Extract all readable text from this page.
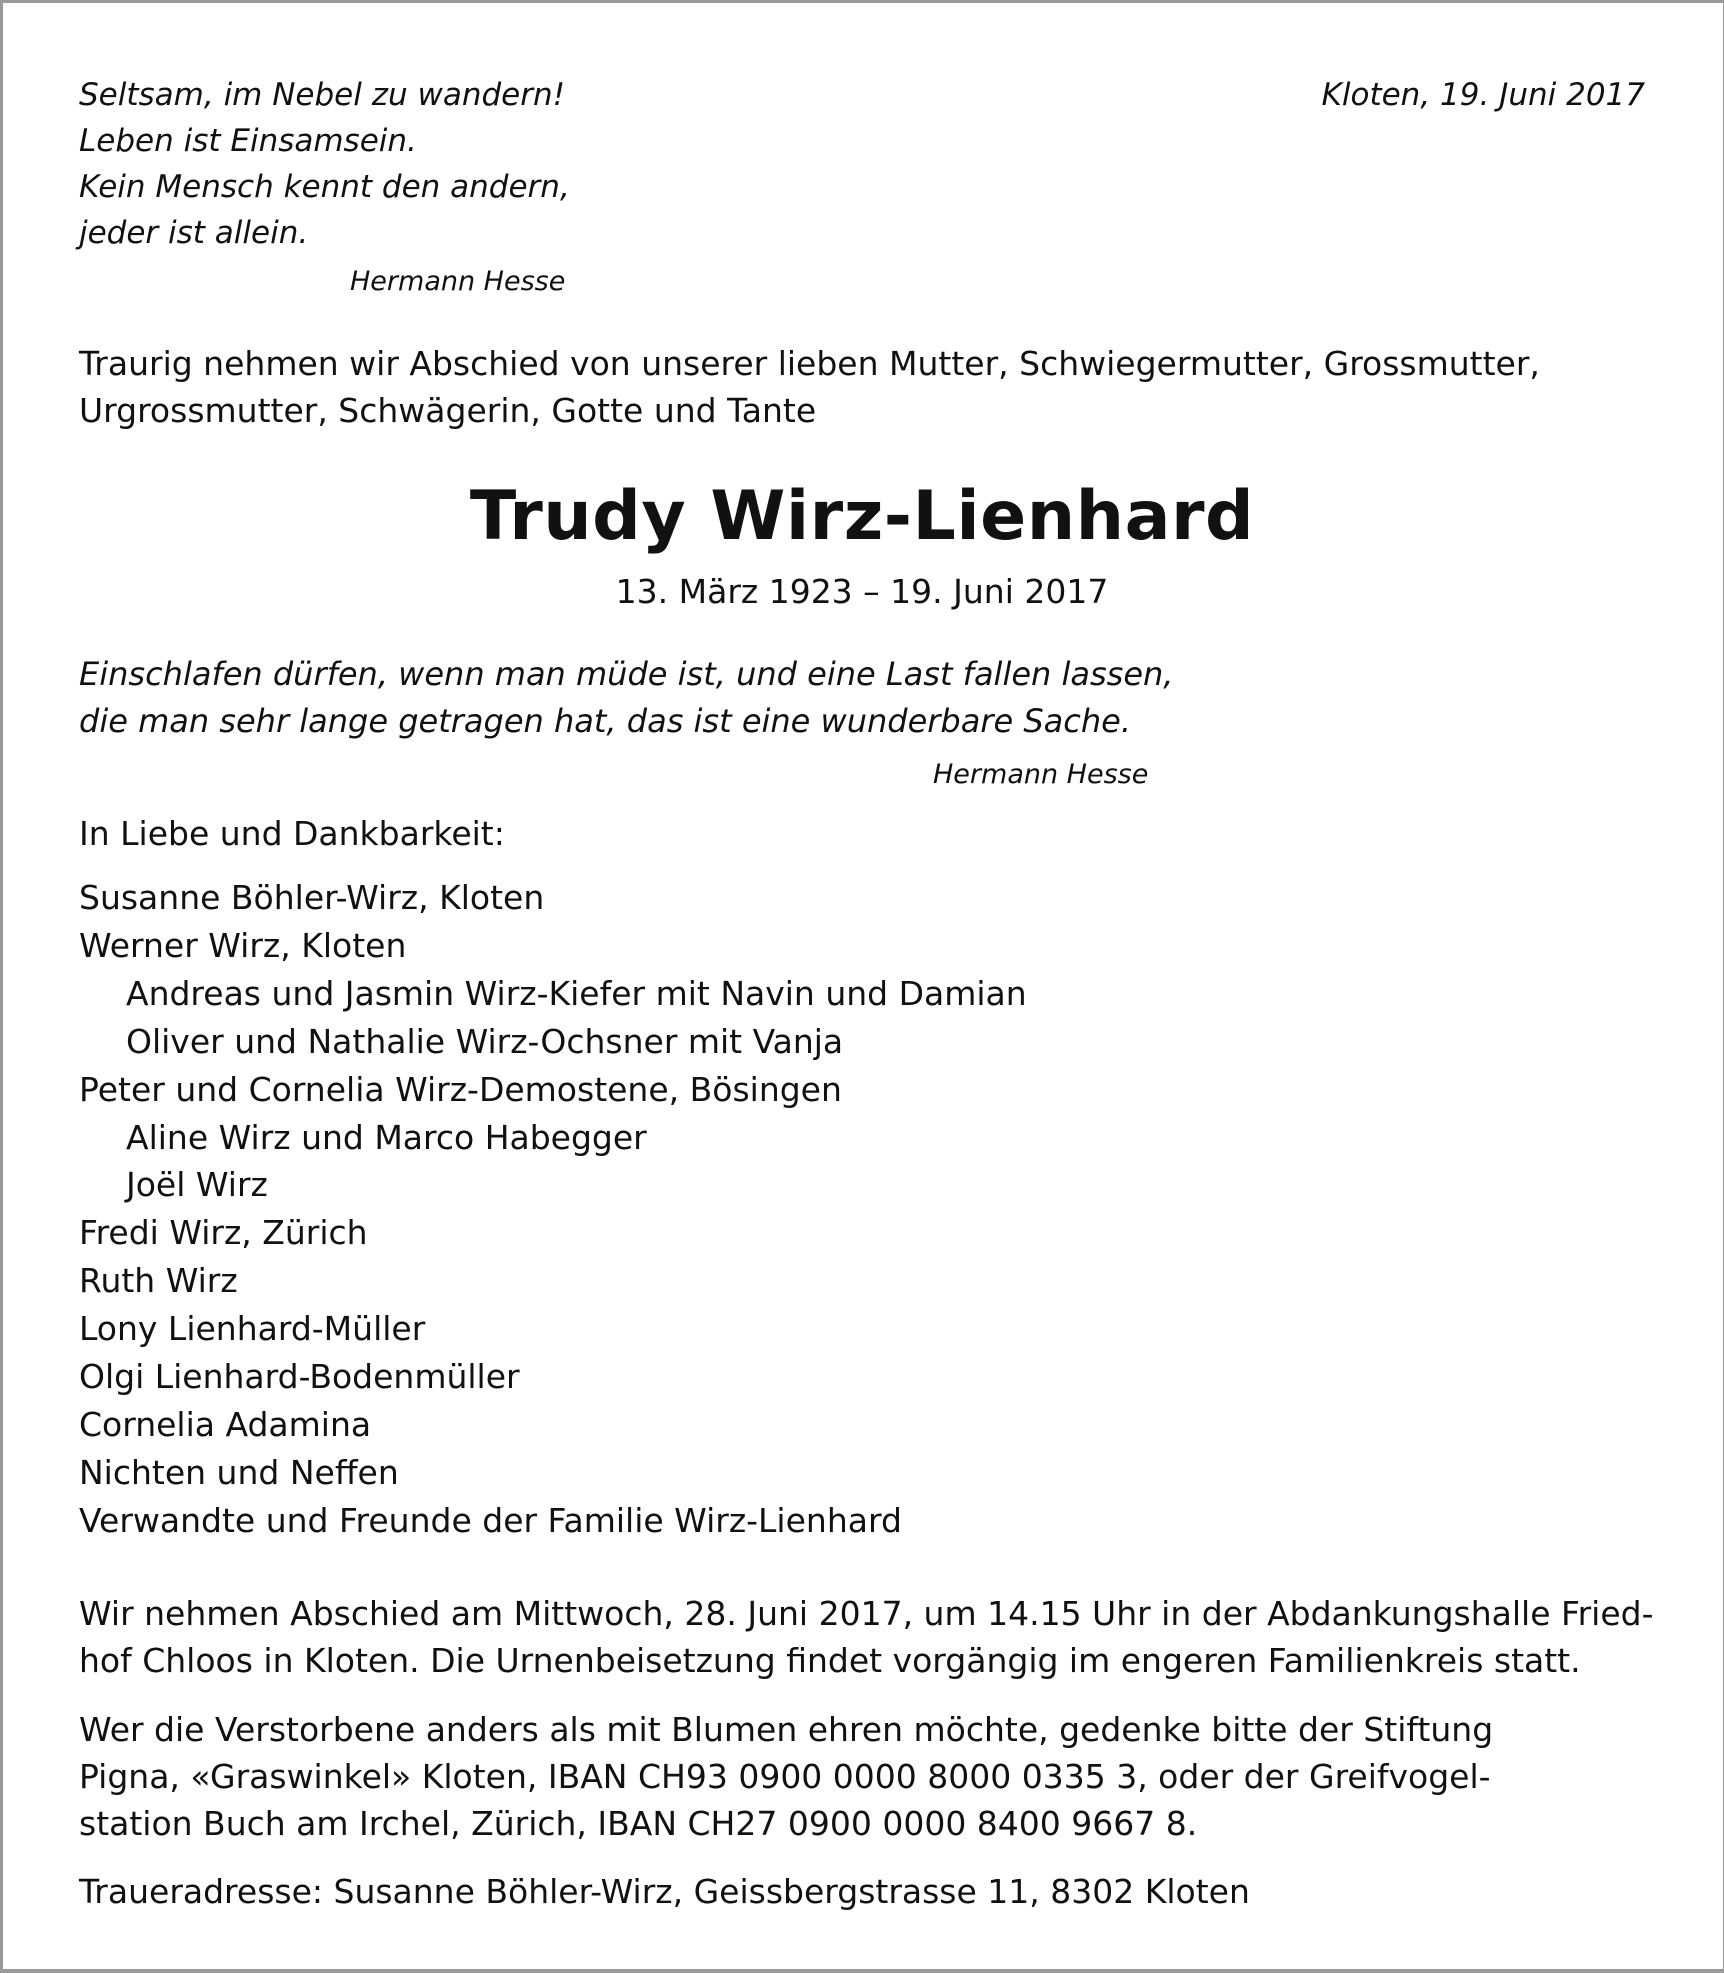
Seltsam, im Nebel zu wandern!
Leben ist Einsamsein.
Kein Mensch kennt den andern,
jeder ist allein.
Hermann Hesse
Kloten, 19. Juni 2017
Traurig nehmen wir Abschied von unserer lieben Mutter, Schwiegermutter, Grossmutter,
Urgrossmutter, Schwägerin, Gotte und Tante
Trudy Wirz-Lienhard
13. März 1923 – 19. Juni 2017
Einschlafen dürfen, wenn man müde ist, und eine Last fallen lassen,
die man sehr lange getragen hat, das ist eine wunderbare Sache.
Hermann Hesse
In Liebe und Dankbarkeit:
Susanne Böhler-Wirz, Kloten
Werner Wirz, Kloten
Andreas und Jasmin Wirz-Kiefer mit Navin und Damian
Oliver und Nathalie Wirz-Ochsner mit Vanja
Peter und Cornelia Wirz-Demostene, Bösingen
Aline Wirz und Marco Habegger
Joël Wirz
Fredi Wirz, Zürich
Ruth Wirz
Lony Lienhard-Müller
Olgi Lienhard-Bodenmüller
Cornelia Adamina
Nichten und Neffen
Verwandte und Freunde der Familie Wirz-Lienhard
Wir nehmen Abschied am Mittwoch, 28. Juni 2017, um 14.15 Uhr in der Abdankungshalle Fried-
hof Chloos in Kloten. Die Urnenbeisetzung findet vorgängig im engeren Familienkreis statt.
Wer die Verstorbene anders als mit Blumen ehren möchte, gedenke bitte der Stiftung
Pigna, «Graswinkel» Kloten, IBAN CH93 0900 0000 8000 0335 3, oder der Greifvogel-
station Buch am Irchel, Zürich, IBAN CH27 0900 0000 8400 9667 8.
Traueradresse: Susanne Böhler-Wirz, Geissbergstrasse 11, 8302 Kloten
